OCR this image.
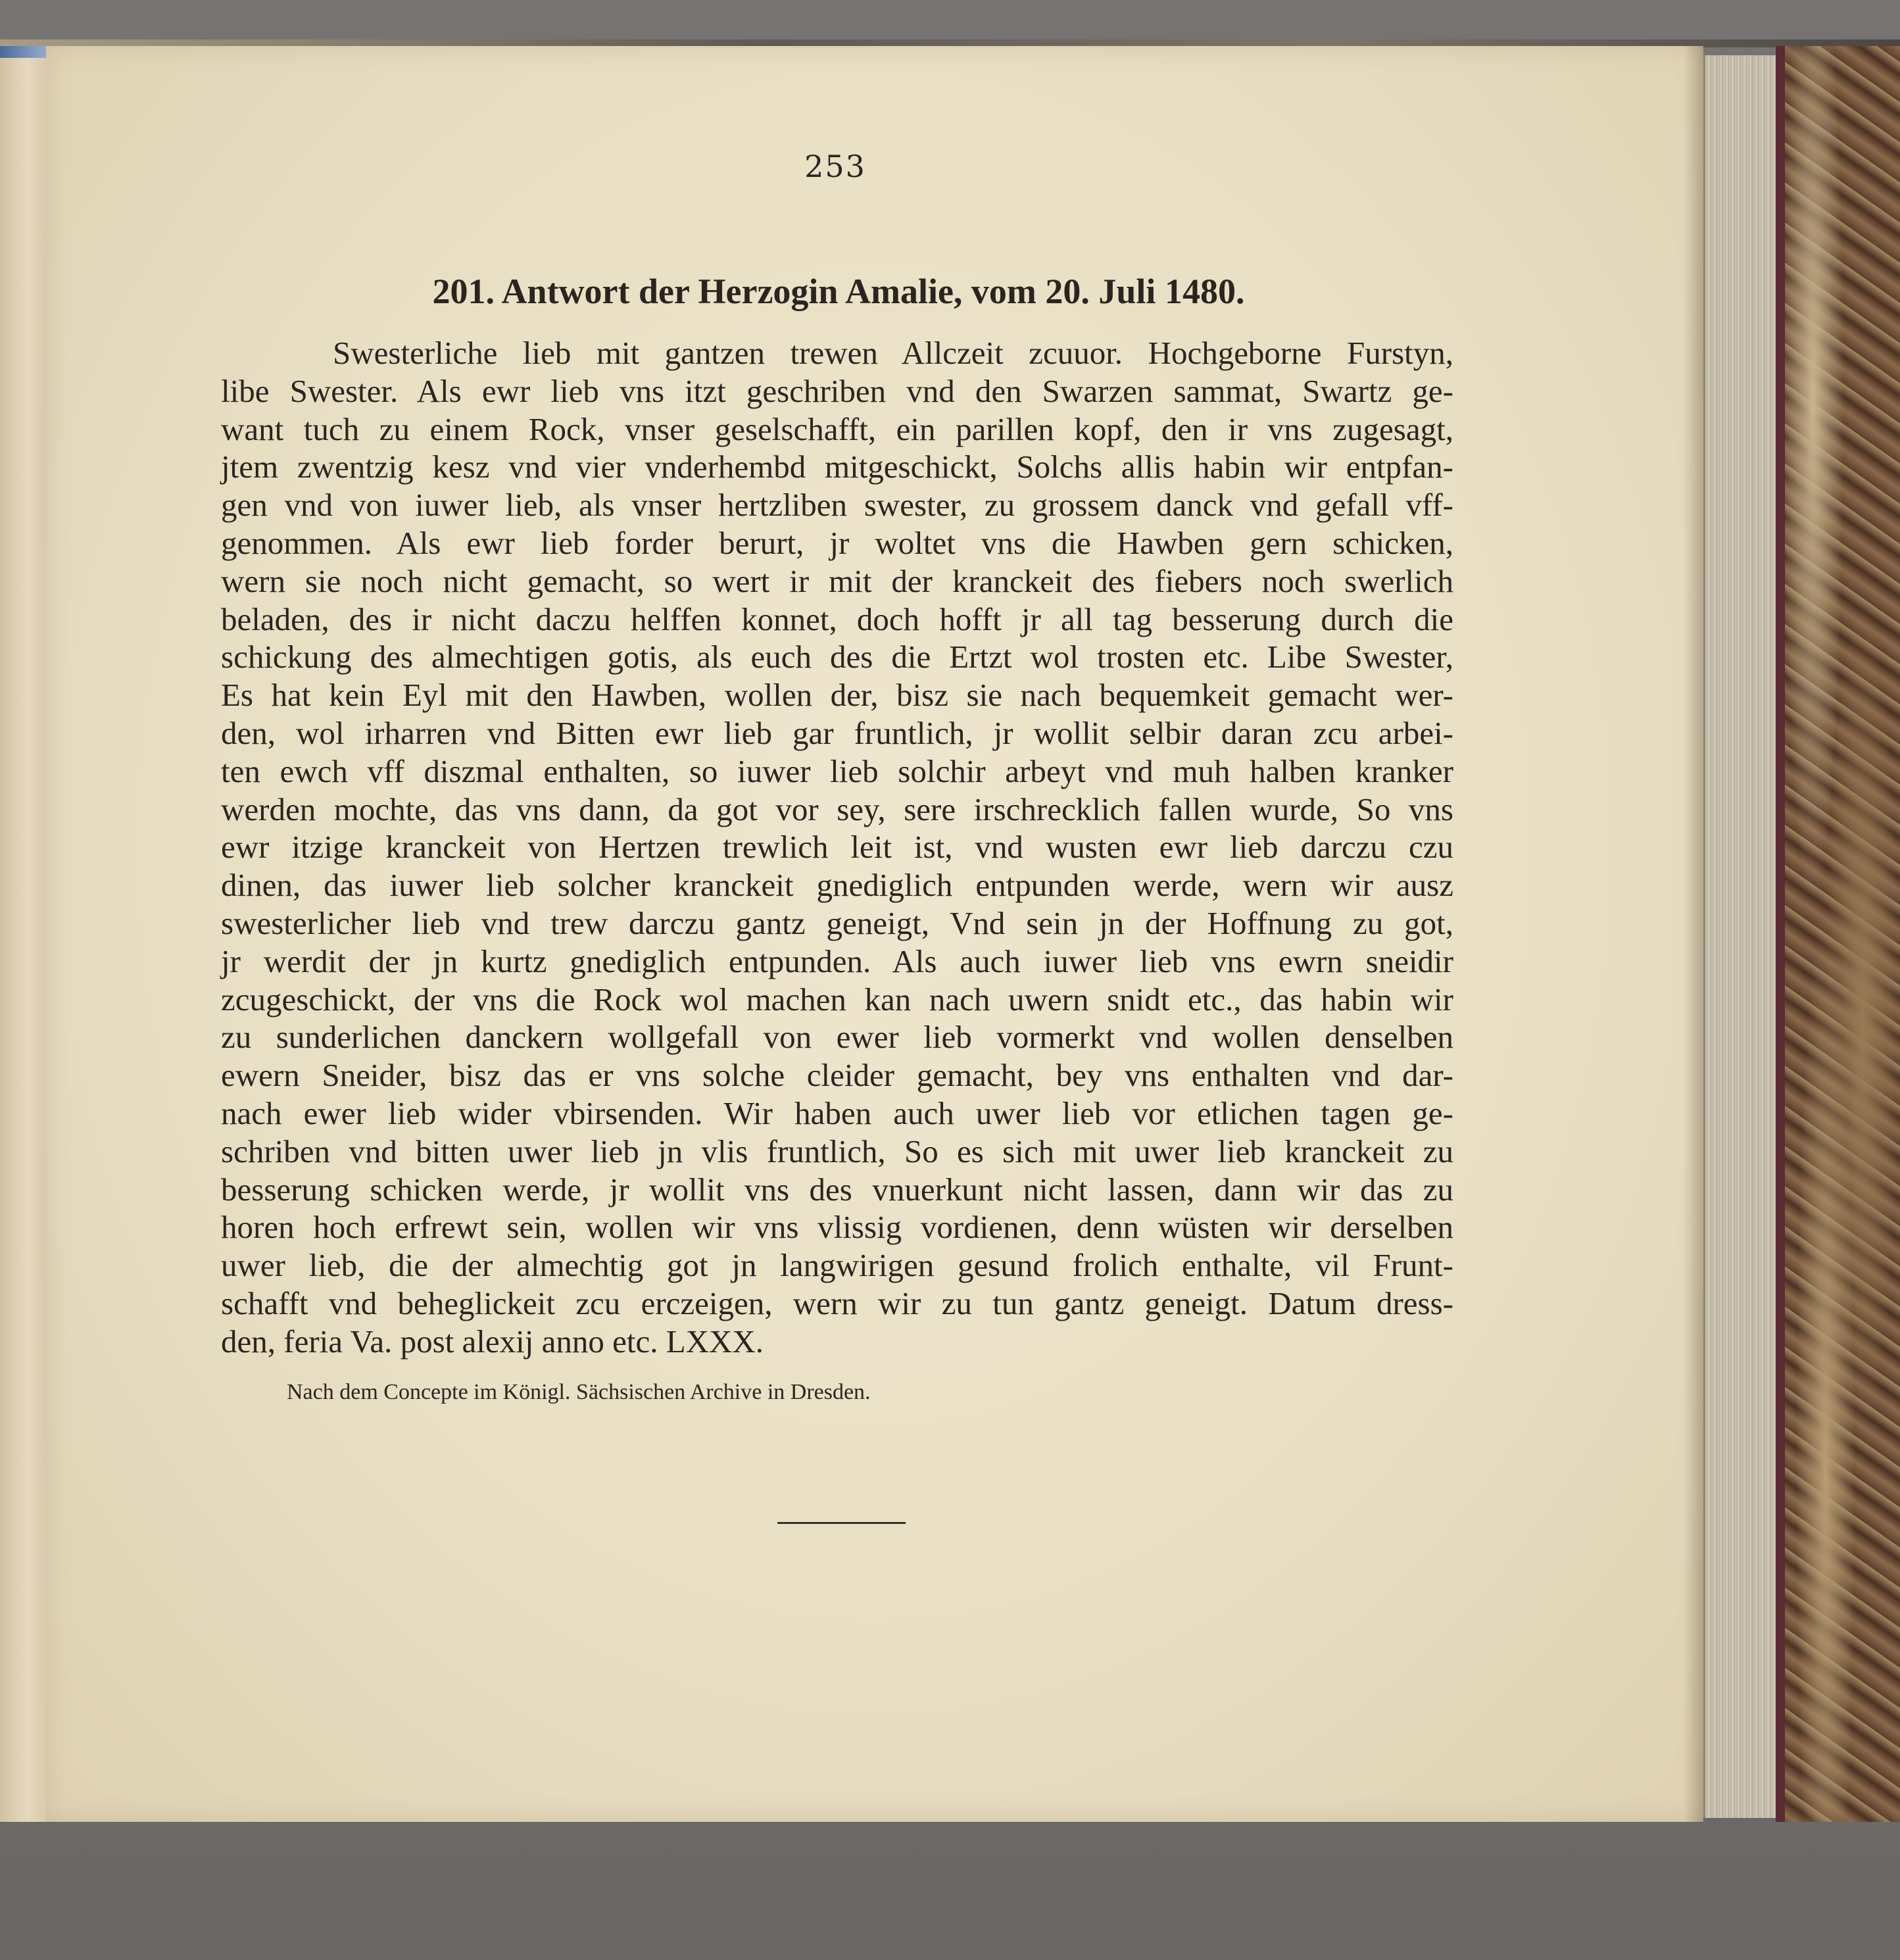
253
201. Antwort der Herzogin Amalie, vom 20. Juli 1480.
Swesterliche lieb mit gantzen trewen Allczeit zcuuor. Hochgeborne Furstyn,
libe Swester. Als ewr lieb vns itzt geschriben vnd den Swarzen sammat, Swartz ge-
want tuch zu einem Rock, vnser geselschafft, ein parillen kopf, den ir vns zugesagt,
jtem zwentzig kesz vnd vier vnderhembd mitgeschickt, Solchs allis habin wir entpfan-
gen vnd von iuwer lieb, als vnser hertzliben swester, zu grossem danck vnd gefall vff-
genommen. Als ewr lieb forder berurt, jr woltet vns die Hawben gern schicken,
wern sie noch nicht gemacht, so wert ir mit der kranckeit des fiebers noch swerlich
beladen, des ir nicht daczu helffen konnet, doch hofft jr all tag besserung durch die
schickung des almechtigen gotis, als euch des die Ertzt wol trosten etc. Libe Swester,
Es hat kein Eyl mit den Hawben, wollen der, bisz sie nach bequemkeit gemacht wer-
den, wol irharren vnd Bitten ewr lieb gar fruntlich, jr wollit selbir daran zcu arbei-
ten ewch vff diszmal enthalten, so iuwer lieb solchir arbeyt vnd muh halben kranker
werden mochte, das vns dann, da got vor sey, sere irschrecklich fallen wurde, So vns
ewr itzige kranckeit von Hertzen trewlich leit ist, vnd wusten ewr lieb darczu czu
dinen, das iuwer lieb solcher kranckeit gnediglich entpunden werde, wern wir ausz
swesterlicher lieb vnd trew darczu gantz geneigt, Vnd sein jn der Hoffnung zu got,
jr werdit der jn kurtz gnediglich entpunden. Als auch iuwer lieb vns ewrn sneidir
zcugeschickt, der vns die Rock wol machen kan nach uwern snidt etc., das habin wir
zu sunderlichen danckern wollgefall von ewer lieb vormerkt vnd wollen denselben
ewern Sneider, bisz das er vns solche cleider gemacht, bey vns enthalten vnd dar-
nach ewer lieb wider vbirsenden. Wir haben auch uwer lieb vor etlichen tagen ge-
schriben vnd bitten uwer lieb jn vlis fruntlich, So es sich mit uwer lieb kranckeit zu
besserung schicken werde, jr wollit vns des vnuerkunt nicht lassen, dann wir das zu
horen hoch erfrewt sein, wollen wir vns vlissig vordienen, denn wüsten wir derselben
uwer lieb, die der almechtig got jn langwirigen gesund frolich enthalte, vil Frunt-
schafft vnd beheglickeit zcu erczeigen, wern wir zu tun gantz geneigt. Datum dress-
den, feria Va. post alexij anno etc. LXXX.
Nach dem Concepte im Königl. Sächsischen Archive in Dresden.
